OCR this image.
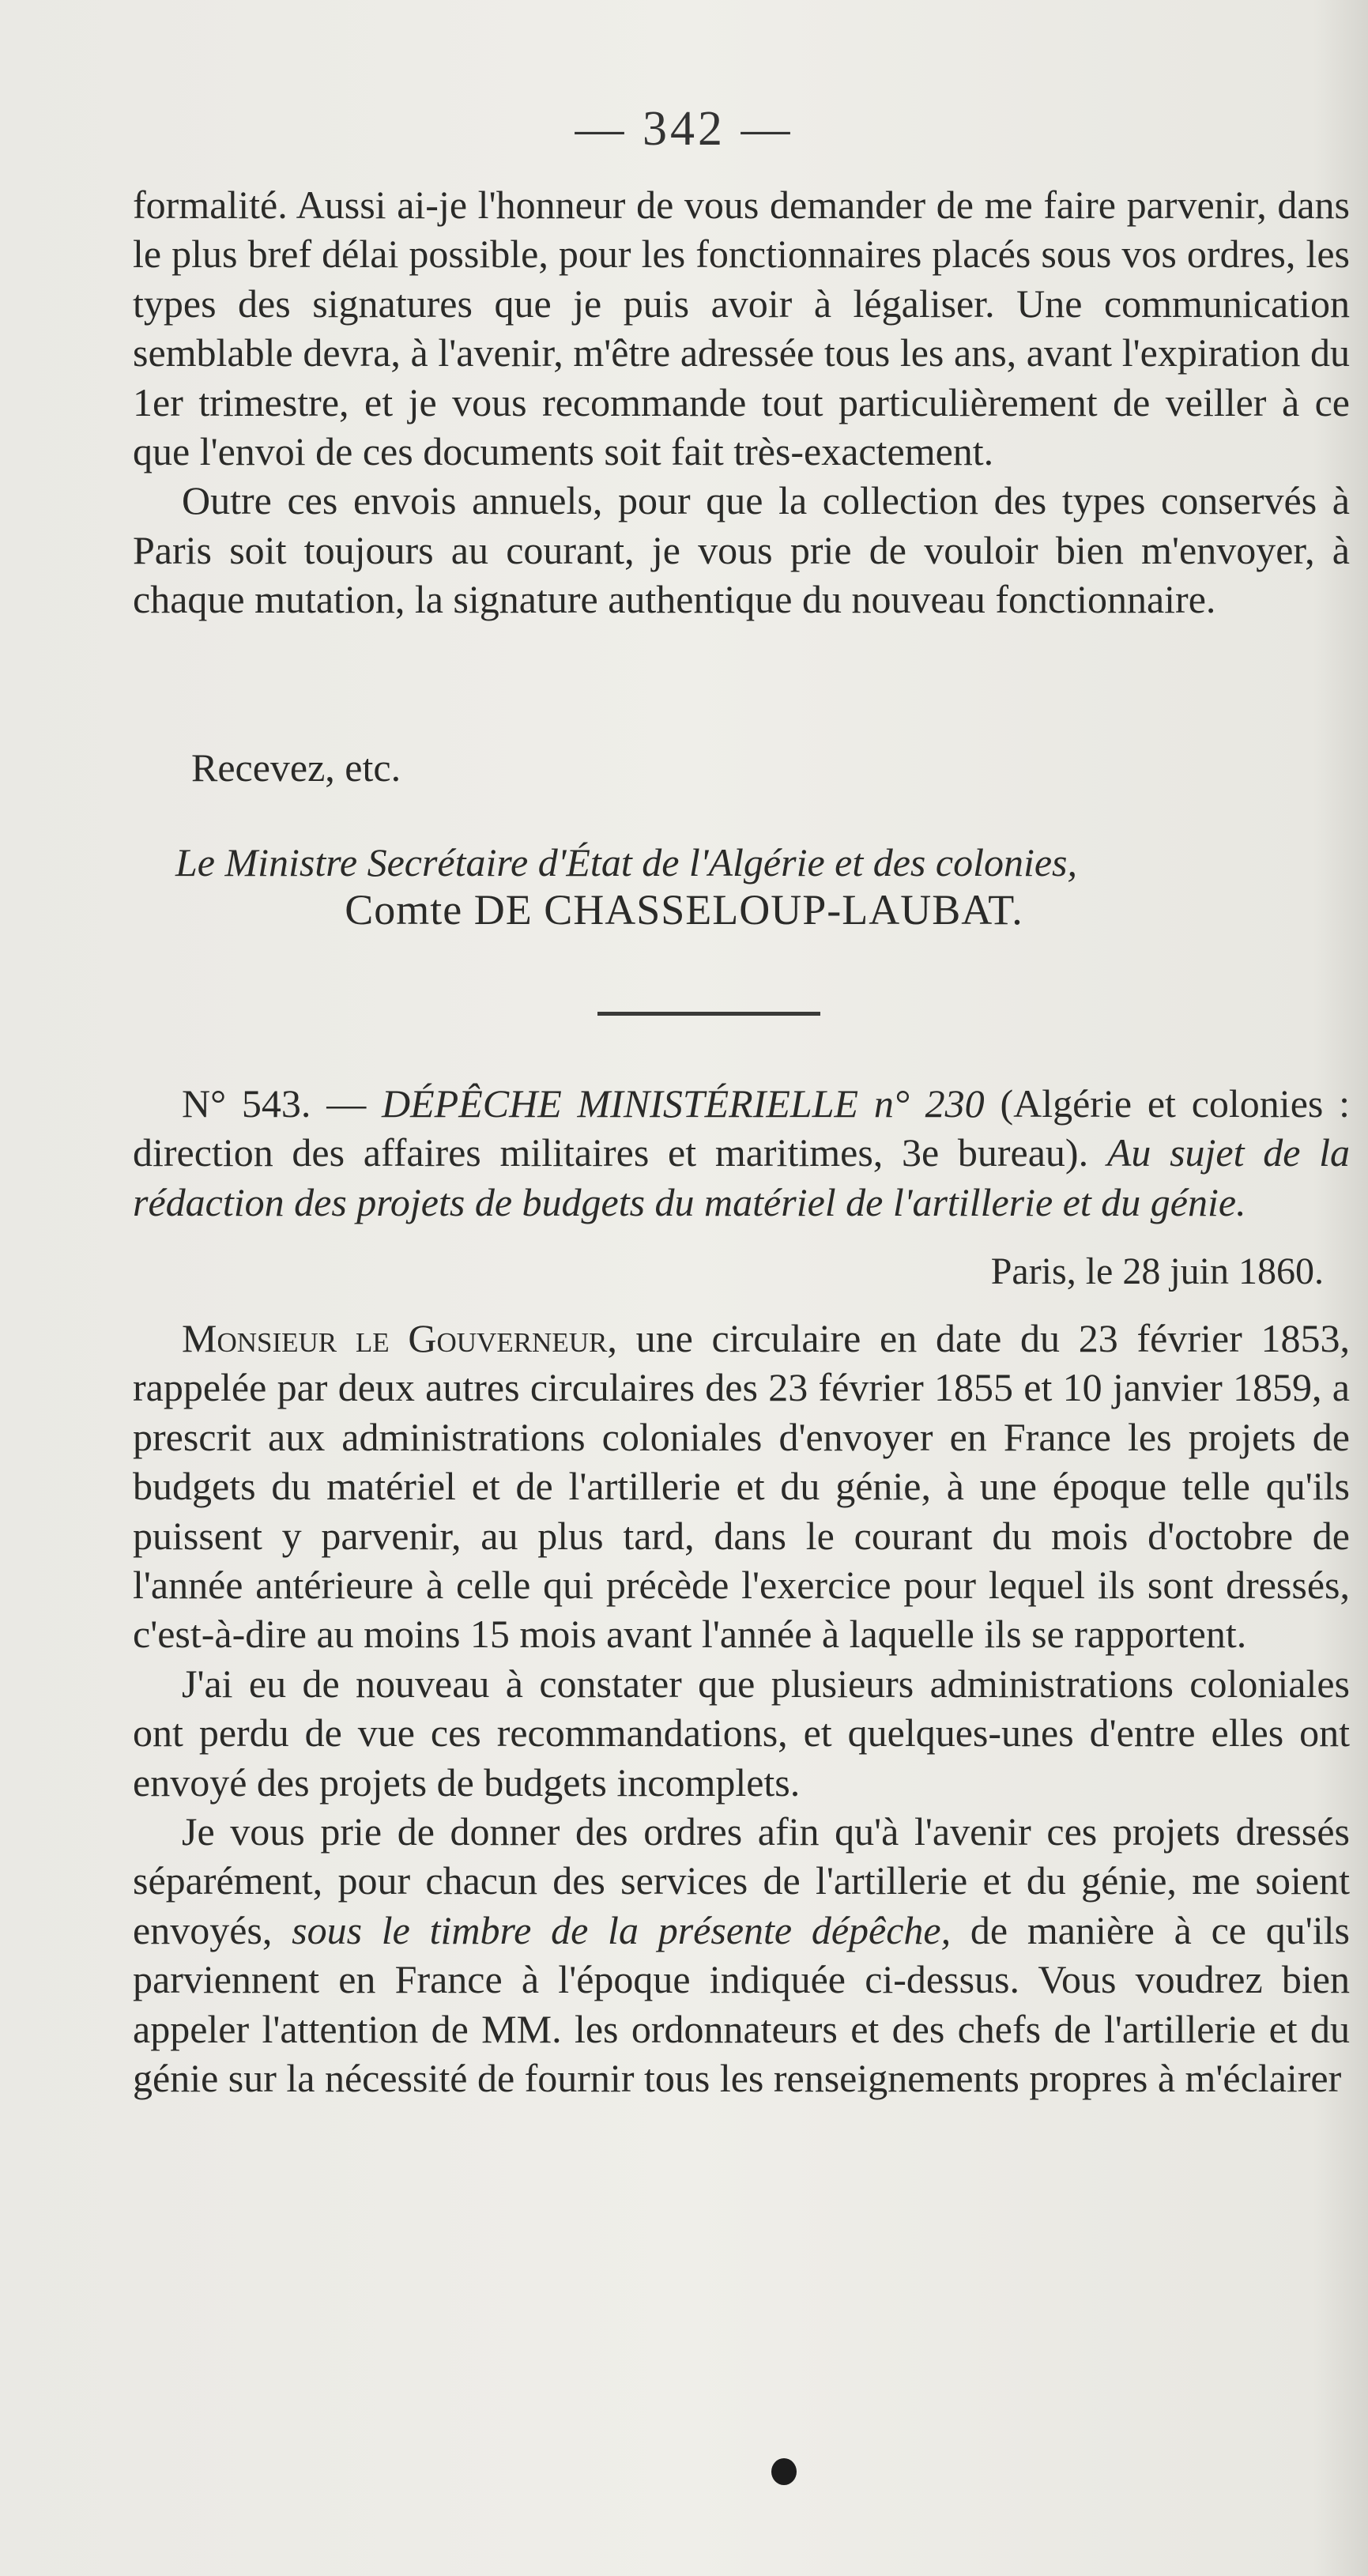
— 342 —

formalité. Aussi ai-je l'honneur de vous demander de me faire parvenir, dans le plus bref délai possible, pour les fonctionnaires placés sous vos ordres, les types des signatures que je puis avoir à légaliser. Une communication semblable devra, à l'avenir, m'être adressée tous les ans, avant l'expiration du 1er trimestre, et je vous recommande tout particulièrement de veiller à ce que l'envoi de ces documents soit fait très-exactement.

Outre ces envois annuels, pour que la collection des types conservés à Paris soit toujours au courant, je vous prie de vouloir bien m'envoyer, à chaque mutation, la signature authentique du nouveau fonctionnaire.

Recevez, etc.
Le Ministre Secrétaire d'État de l'Algérie et des colonies,
Comte DE CHASSELOUP-LAUBAT.

N° 543. — DÉPÊCHE MINISTÉRIELLE n° 230 (Algérie et colonies : direction des affaires militaires et maritimes, 3e bureau). Au sujet de la rédaction des projets de budgets du matériel de l'artillerie et du génie.

Paris, le 28 juin 1860.

Monsieur le Gouverneur, une circulaire en date du 23 février 1853, rappelée par deux autres circulaires des 23 février 1855 et 10 janvier 1859, a prescrit aux administrations coloniales d'envoyer en France les projets de budgets du matériel et de l'artillerie et du génie, à une époque telle qu'ils puissent y parvenir, au plus tard, dans le courant du mois d'octobre de l'année antérieure à celle qui précède l'exercice pour lequel ils sont dressés, c'est-à-dire au moins 15 mois avant l'année à laquelle ils se rapportent.

J'ai eu de nouveau à constater que plusieurs administrations coloniales ont perdu de vue ces recommandations, et quelques-unes d'entre elles ont envoyé des projets de budgets incomplets.

Je vous prie de donner des ordres afin qu'à l'avenir ces projets dressés séparément, pour chacun des services de l'artillerie et du génie, me soient envoyés, sous le timbre de la présente dépêche, de manière à ce qu'ils parviennent en France à l'époque indiquée ci-dessus. Vous voudrez bien appeler l'attention de MM. les ordonnateurs et des chefs de l'artillerie et du génie sur la nécessité de fournir tous les renseignements propres à m'éclairer
